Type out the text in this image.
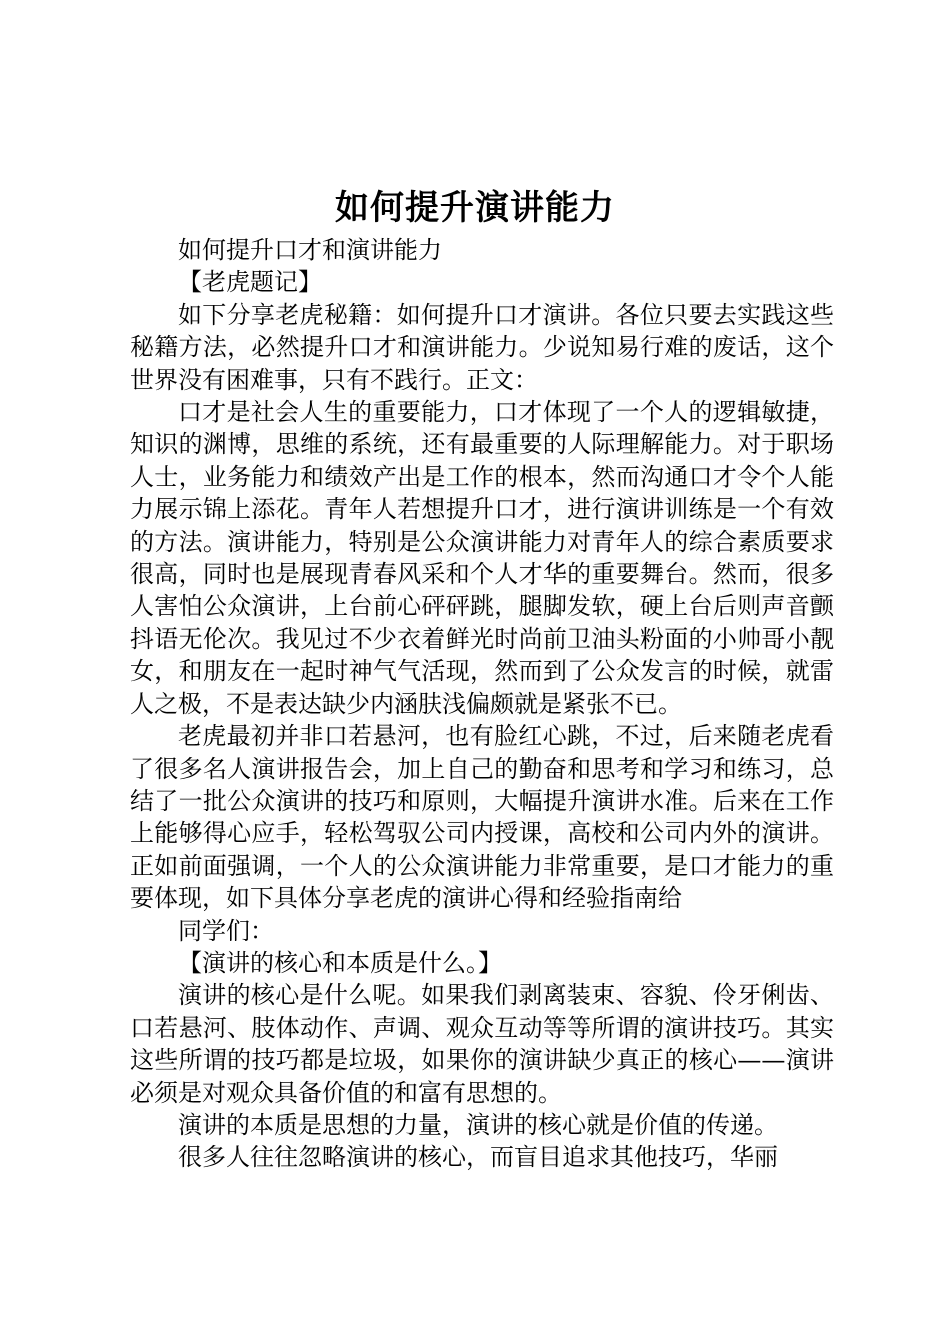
如何提升演讲能力

如何提升口才和演讲能力

【老虎题记】

如下分享老虎秘籍：如何提升口才演讲。各位只要去实践这些秘籍方法，必然提升口才和演讲能力。少说知易行难的废话，这个世界没有困难事，只有不践行。正文：

口才是社会人生的重要能力，口才体现了一个人的逻辑敏捷，知识的渊博，思维的系统，还有最重要的人际理解能力。对于职场人士，业务能力和绩效产出是工作的根本，然而沟通口才令个人能力展示锦上添花。青年人若想提升口才，进行演讲训练是一个有效的方法。演讲能力，特别是公众演讲能力对青年人的综合素质要求很高，同时也是展现青春风采和个人才华的重要舞台。然而，很多人害怕公众演讲，上台前心砰砰跳，腿脚发软，硬上台后则声音颤抖语无伦次。我见过不少衣着鲜光时尚前卫油头粉面的小帅哥小靓女，和朋友在一起时神气气活现，然而到了公众发言的时候，就雷人之极，不是表达缺少内涵肤浅偏颇就是紧张不已。

老虎最初并非口若悬河，也有脸红心跳，不过，后来随老虎看了很多名人演讲报告会，加上自己的勤奋和思考和学习和练习，总结了一批公众演讲的技巧和原则，大幅提升演讲水准。后来在工作上能够得心应手，轻松驾驭公司内授课，高校和公司内外的演讲。正如前面强调，一个人的公众演讲能力非常重要，是口才能力的重要体现，如下具体分享老虎的演讲心得和经验指南给

同学们：

【演讲的核心和本质是什么。】

演讲的核心是什么呢。如果我们剥离装束、容貌、伶牙俐齿、口若悬河、肢体动作、声调、观众互动等等所谓的演讲技巧。其实这些所谓的技巧都是垃圾，如果你的演讲缺少真正的核心——演讲必须是对观众具备价值的和富有思想的。

演讲的本质是思想的力量，演讲的核心就是价值的传递。

很多人往往忽略演讲的核心，而盲目追求其他技巧，华丽
